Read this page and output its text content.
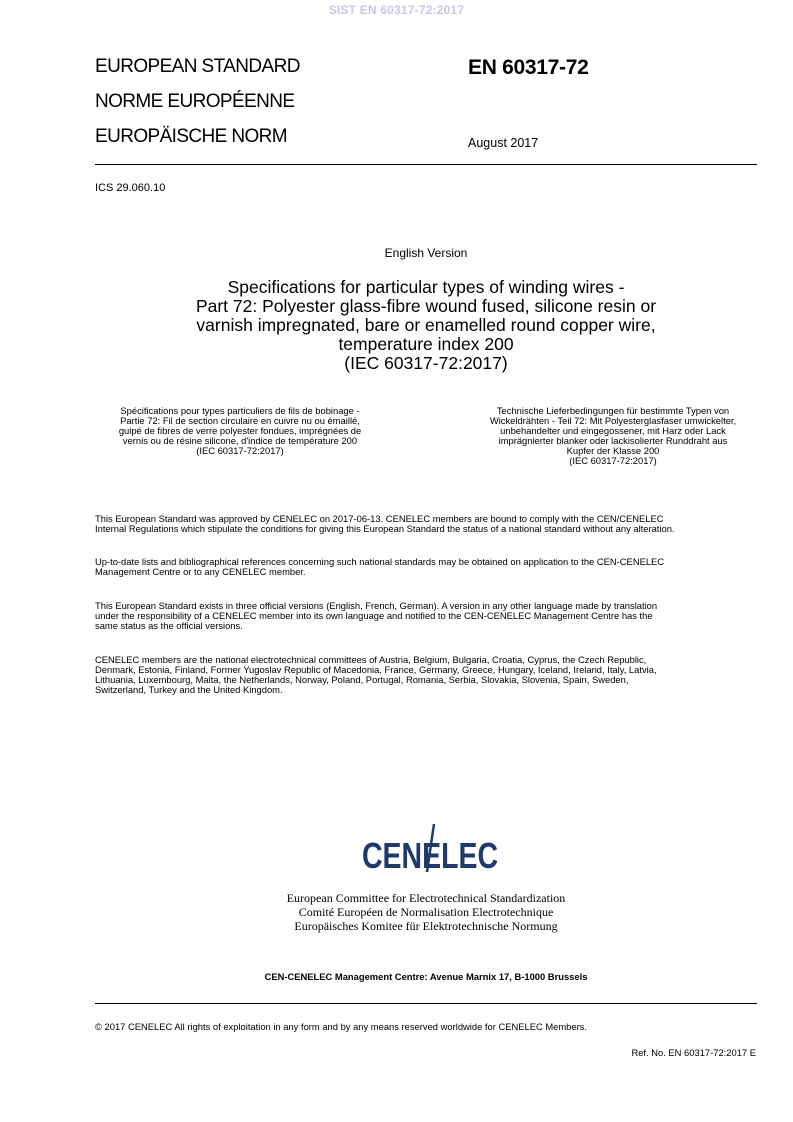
SIST EN 60317-72:2017
EUROPEAN STANDARD
NORME EUROPÉENNE
EUROPÄISCHE NORM
EN 60317-72
August 2017
ICS 29.060.10
English Version
Specifications for particular types of winding wires -
Part 72: Polyester glass-fibre wound fused, silicone resin or
varnish impregnated, bare or enamelled round copper wire,
temperature index 200
(IEC 60317-72:2017)
Spécifications pour types particuliers de fils de bobinage -
Partie 72: Fil de section circulaire en cuivre nu ou émaillé,
guipé de fibres de verre polyester fondues, imprégnées de
vernis ou de résine silicone, d'indice de température 200
(IEC 60317-72:2017)
Technische Lieferbedingungen für bestimmte Typen von
Wickeldrähten - Teil 72: Mit Polyesterglasfaser umwickelter,
unbehandelter und eingegossener, mit Harz oder Lack
imprägnierter blanker oder lackisolierter Runddraht aus
Kupfer der Klasse 200
(IEC 60317-72:2017)
This European Standard was approved by CENELEC on 2017-06-13. CENELEC members are bound to comply with the CEN/CENELEC
Internal Regulations which stipulate the conditions for giving this European Standard the status of a national standard without any alteration.
Up-to-date lists and bibliographical references concerning such national standards may be obtained on application to the CEN-CENELEC
Management Centre or to any CENELEC member.
This European Standard exists in three official versions (English, French, German). A version in any other language made by translation
under the responsibility of a CENELEC member into its own language and notified to the CEN-CENELEC Management Centre has the
same status as the official versions.
CENELEC members are the national electrotechnical committees of Austria, Belgium, Bulgaria, Croatia, Cyprus, the Czech Republic,
Denmark, Estonia, Finland, Former Yugoslav Republic of Macedonia, France, Germany, Greece, Hungary, Iceland, Ireland, Italy, Latvia,
Lithuania, Luxembourg, Malta, the Netherlands, Norway, Poland, Portugal, Romania, Serbia, Slovakia, Slovenia, Spain, Sweden,
Switzerland, Turkey and the United Kingdom.
CENELEC
European Committee for Electrotechnical Standardization
Comité Européen de Normalisation Electrotechnique
Europäisches Komitee für Elektrotechnische Normung
CEN-CENELEC Management Centre: Avenue Marnix 17, B-1000 Brussels
© 2017 CENELEC All rights of exploitation in any form and by any means reserved worldwide for CENELEC Members.
Ref. No. EN 60317-72:2017 E
